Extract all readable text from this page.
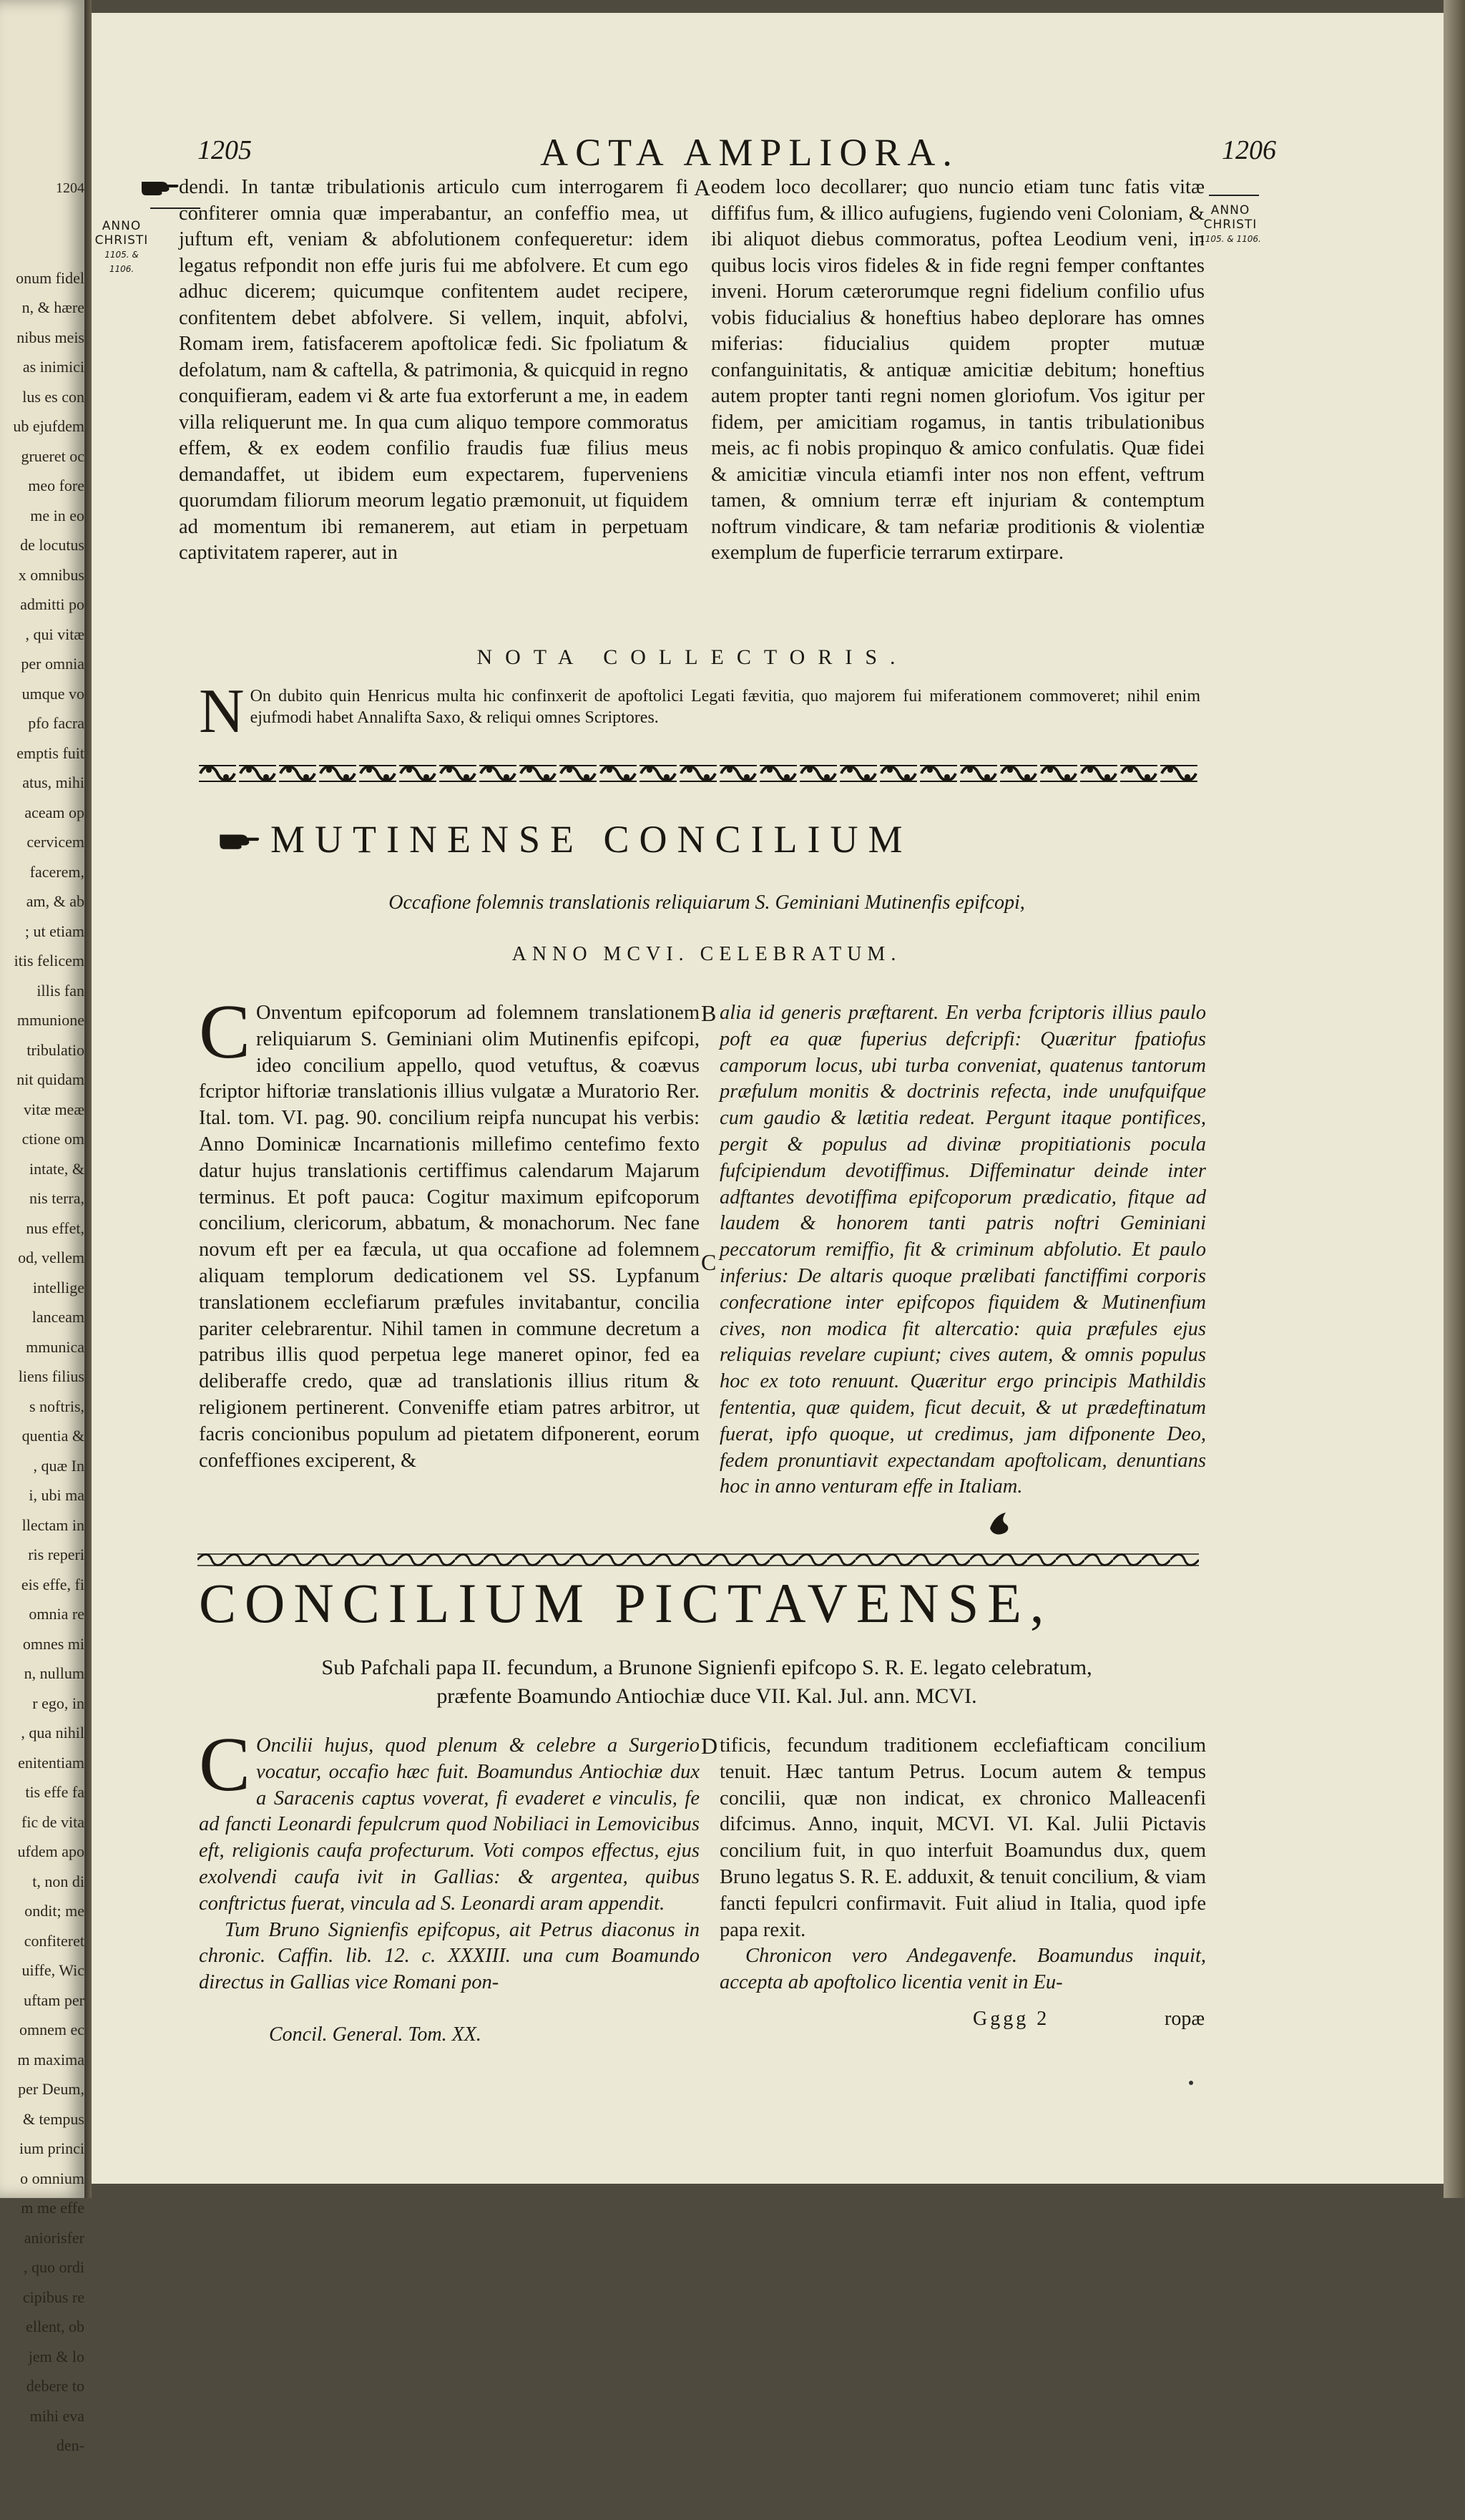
1204

onum fidel
n, & hære
nibus meis
as inimici
lus es con
ub ejufdem
grueret oc
meo fore
me in eo
de locutus
x omnibus
admitti po
, qui vitæ
per omnia
umque vo
pfo facra
emptis fuit
atus, mihi
aceam op
cervicem
facerem,
am, & ab
; ut etiam
itis felicem
illis fan
mmunione
tribulatio
nit quidam
vitæ meæ
ctione om
intate, &
nis terra,
nus effet,
od, vellem
intellige
lanceam
mmunica
liens filius
s noftris,
quentia &
, quæ In
i, ubi ma
llectam in
ris reperi
eis effe, fi
omnia re
omnes mi
n, nullum
r ego, in
, qua nihil
enitentiam
tis effe fa
fic de vita
ufdem apo
t, non di
ondit; me
confiteret
uiffe, Wic
uftam per
omnem ec
m maxima
per Deum,
& tempus
ium princi
o omnium
m me effe
aniorisfer
, quo ordi
cipibus re
ellent, ob
jem & lo
debere to
mihi eva
den-

1205	ACTA AMPLIORA.	1206
ANNO
CHRISTI
1105. & 1106.
ANNO
CHRISTI
1105. & 1106.

dendi. In tantæ tribulationis articulo cum interrogarem fi confiterer omnia quæ imperabantur, an confeffio mea, ut juftum eft, veniam & abfolutionem confequeretur: idem legatus refpondit non effe juris fui me abfolvere. Et cum ego adhuc dicerem; quicumque confitentem audet recipere, confitentem debet abfolvere. Si vellem, inquit, abfolvi, Romam irem, fatisfacerem apoftolicæ fedi. Sic fpoliatum & defolatum, nam & caftella, & patrimonia, & quicquid in regno conquifieram, eadem vi & arte fua extorferunt a me, in eadem villa reliquerunt me. In qua cum aliquo tempore commoratus effem, & ex eodem confilio fraudis fuæ filius meus demandaffet, ut ibidem eum expectarem, fuperveniens quorumdam filiorum meorum legatio præmonuit, ut fiquidem ad momentum ibi remanerem, aut etiam in perpetuam captivitatem raperer, aut in

A eodem loco decollarer; quo nuncio etiam tunc fatis vitæ diffifus fum, & illico aufugiens, fugiendo veni Coloniam, & ibi aliquot diebus commoratus, poftea Leodium veni, in quibus locis viros fideles & in fide regni femper conftantes inveni. Horum cæterorumque regni fidelium confilio ufus vobis fiducialius & honeftius habeo deplorare has omnes miferias: fiducialius quidem propter mutuæ confanguinitatis, & antiquæ amicitiæ debitum; honeftius autem propter tanti regni nomen gloriofum. Vos igitur per fidem, per amicitiam rogamus, in tantis tribulationibus meis, ac fi nobis propinquo & amico confulatis. Quæ fidei & amicitiæ vincula etiamfi inter nos non effent, veftrum tamen, & omnium terræ eft injuriam & contemptum noftrum vindicare, & tam nefariæ proditionis & violentiæ exemplum de fuperficie terrarum extirpare.

NOTA COLLECTORIS.
N On dubito quin Henricus multa hic confinxerit de apoftolici Legati fævitia, quo majorem fui miferationem commoveret; nihil enim ejufmodi habet Annalifta Saxo, & reliqui omnes Scriptores.

MUTINENSE CONCILIUM
Occafione folemnis translationis reliquiarum S. Geminiani Mutinenfis epifcopi,
ANNO MCVI. CELEBRATUM.
C Onventum epifcoporum ad folemnem translationem reliquiarum S. Geminiani olim Mutinenfis epifcopi, ideo concilium appello, quod vetuftus, & coævus fcriptor hiftoriæ translationis illius vulgatæ a Muratorio Rer. Ital. tom. VI. pag. 90. concilium reipfa nuncupat his verbis: Anno Dominicæ Incarnationis millefimo centefimo fexto datur hujus translationis certiffimus calendarum Majarum terminus. Et poft pauca: Cogitur maximum epifcoporum concilium, clericorum, abbatum, & monachorum. Nec fane novum eft per ea fæcula, ut qua occafione ad folemnem aliquam templorum dedicationem vel SS. Lypfanum translationem ecclefiarum præfules invitabantur, concilia pariter celebrarentur. Nihil tamen in commune decretum a patribus illis quod perpetua lege maneret opinor, fed ea deliberaffe credo, quæ ad translationis illius ritum & religionem pertinerent. Conveniffe etiam patres arbitror, ut facris concionibus populum ad pietatem difponerent, eorum confeffiones exciperent, &

B
C

alia id generis præftarent. En verba fcriptoris illius paulo poft ea quæ fuperius defcripfi: Quæritur fpatiofus camporum locus, ubi turba conveniat, quatenus tantorum præfulum monitis & doctrinis refecta, inde unufquifque cum gaudio & lætitia redeat. Pergunt itaque pontifices, pergit & populus ad divinæ propitiationis pocula fufcipiendum devotiffimus. Diffeminatur deinde inter adftantes devotiffima epifcoporum prædicatio, fitque ad laudem & honorem tanti patris noftri Geminiani peccatorum remiffio, fit & criminum abfolutio. Et paulo inferius: De altaris quoque prælibati fanctiffimi corporis confecratione inter epifcopos fiquidem & Mutinenfium cives, non modica fit altercatio: quia præfules ejus reliquias revelare cupiunt; cives autem, & omnis populus hoc ex toto renuunt. Quæritur ergo principis Mathildis fententia, quæ quidem, ficut decuit, & ut prædeftinatum fuerat, ipfo quoque, ut credimus, jam difponente Deo, fedem pronuntiavit expectandam apoftolicam, denuntians hoc in anno venturam effe in Italiam.

CONCILIUM PICTAVENSE,
Sub Pafchali papa II. fecundum, a Brunone Signienfi epifcopo S. R. E. legato celebratum,
præfente Boamundo Antiochiæ duce VII. Kal. Jul. ann. MCVI.
C Oncilii hujus, quod plenum & celebre a Surgerio vocatur, occafio hæc fuit. Boamundus Antiochiæ dux a Saracenis captus voverat, fi evaderet e vinculis, fe ad fancti Leonardi fepulcrum quod Nobiliaci in Lemovicibus eft, religionis caufa profecturum. Voti compos effectus, ejus exolvendi caufa ivit in Gallias: & argentea, quibus conftrictus fuerat, vincula ad S. Leonardi aram appendit.

Tum Bruno Signienfis epifcopus, ait Petrus diaconus in chronic. Caffin. lib. 12. c. XXXIII. una cum Boamundo directus in Gallias vice Romani pon-

D tificis, fecundum traditionem ecclefiafticam concilium tenuit. Hæc tantum Petrus. Locum autem & tempus concilii, quæ non indicat, ex chronico Malleacenfi difcimus. Anno, inquit, MCVI. VI. Kal. Julii Pictavis concilium fuit, in quo interfuit Boamundus dux, quem Bruno legatus S. R. E. adduxit, & tenuit concilium, & viam fancti fepulcri confirmavit. Fuit aliud in Italia, quod ipfe papa rexit.

Chronicon vero Andegavenfe. Boamundus inquit, accepta ab apoftolico licentia venit in Eu-

Concil. General. Tom. XX.
Gggg 2	ropæ
